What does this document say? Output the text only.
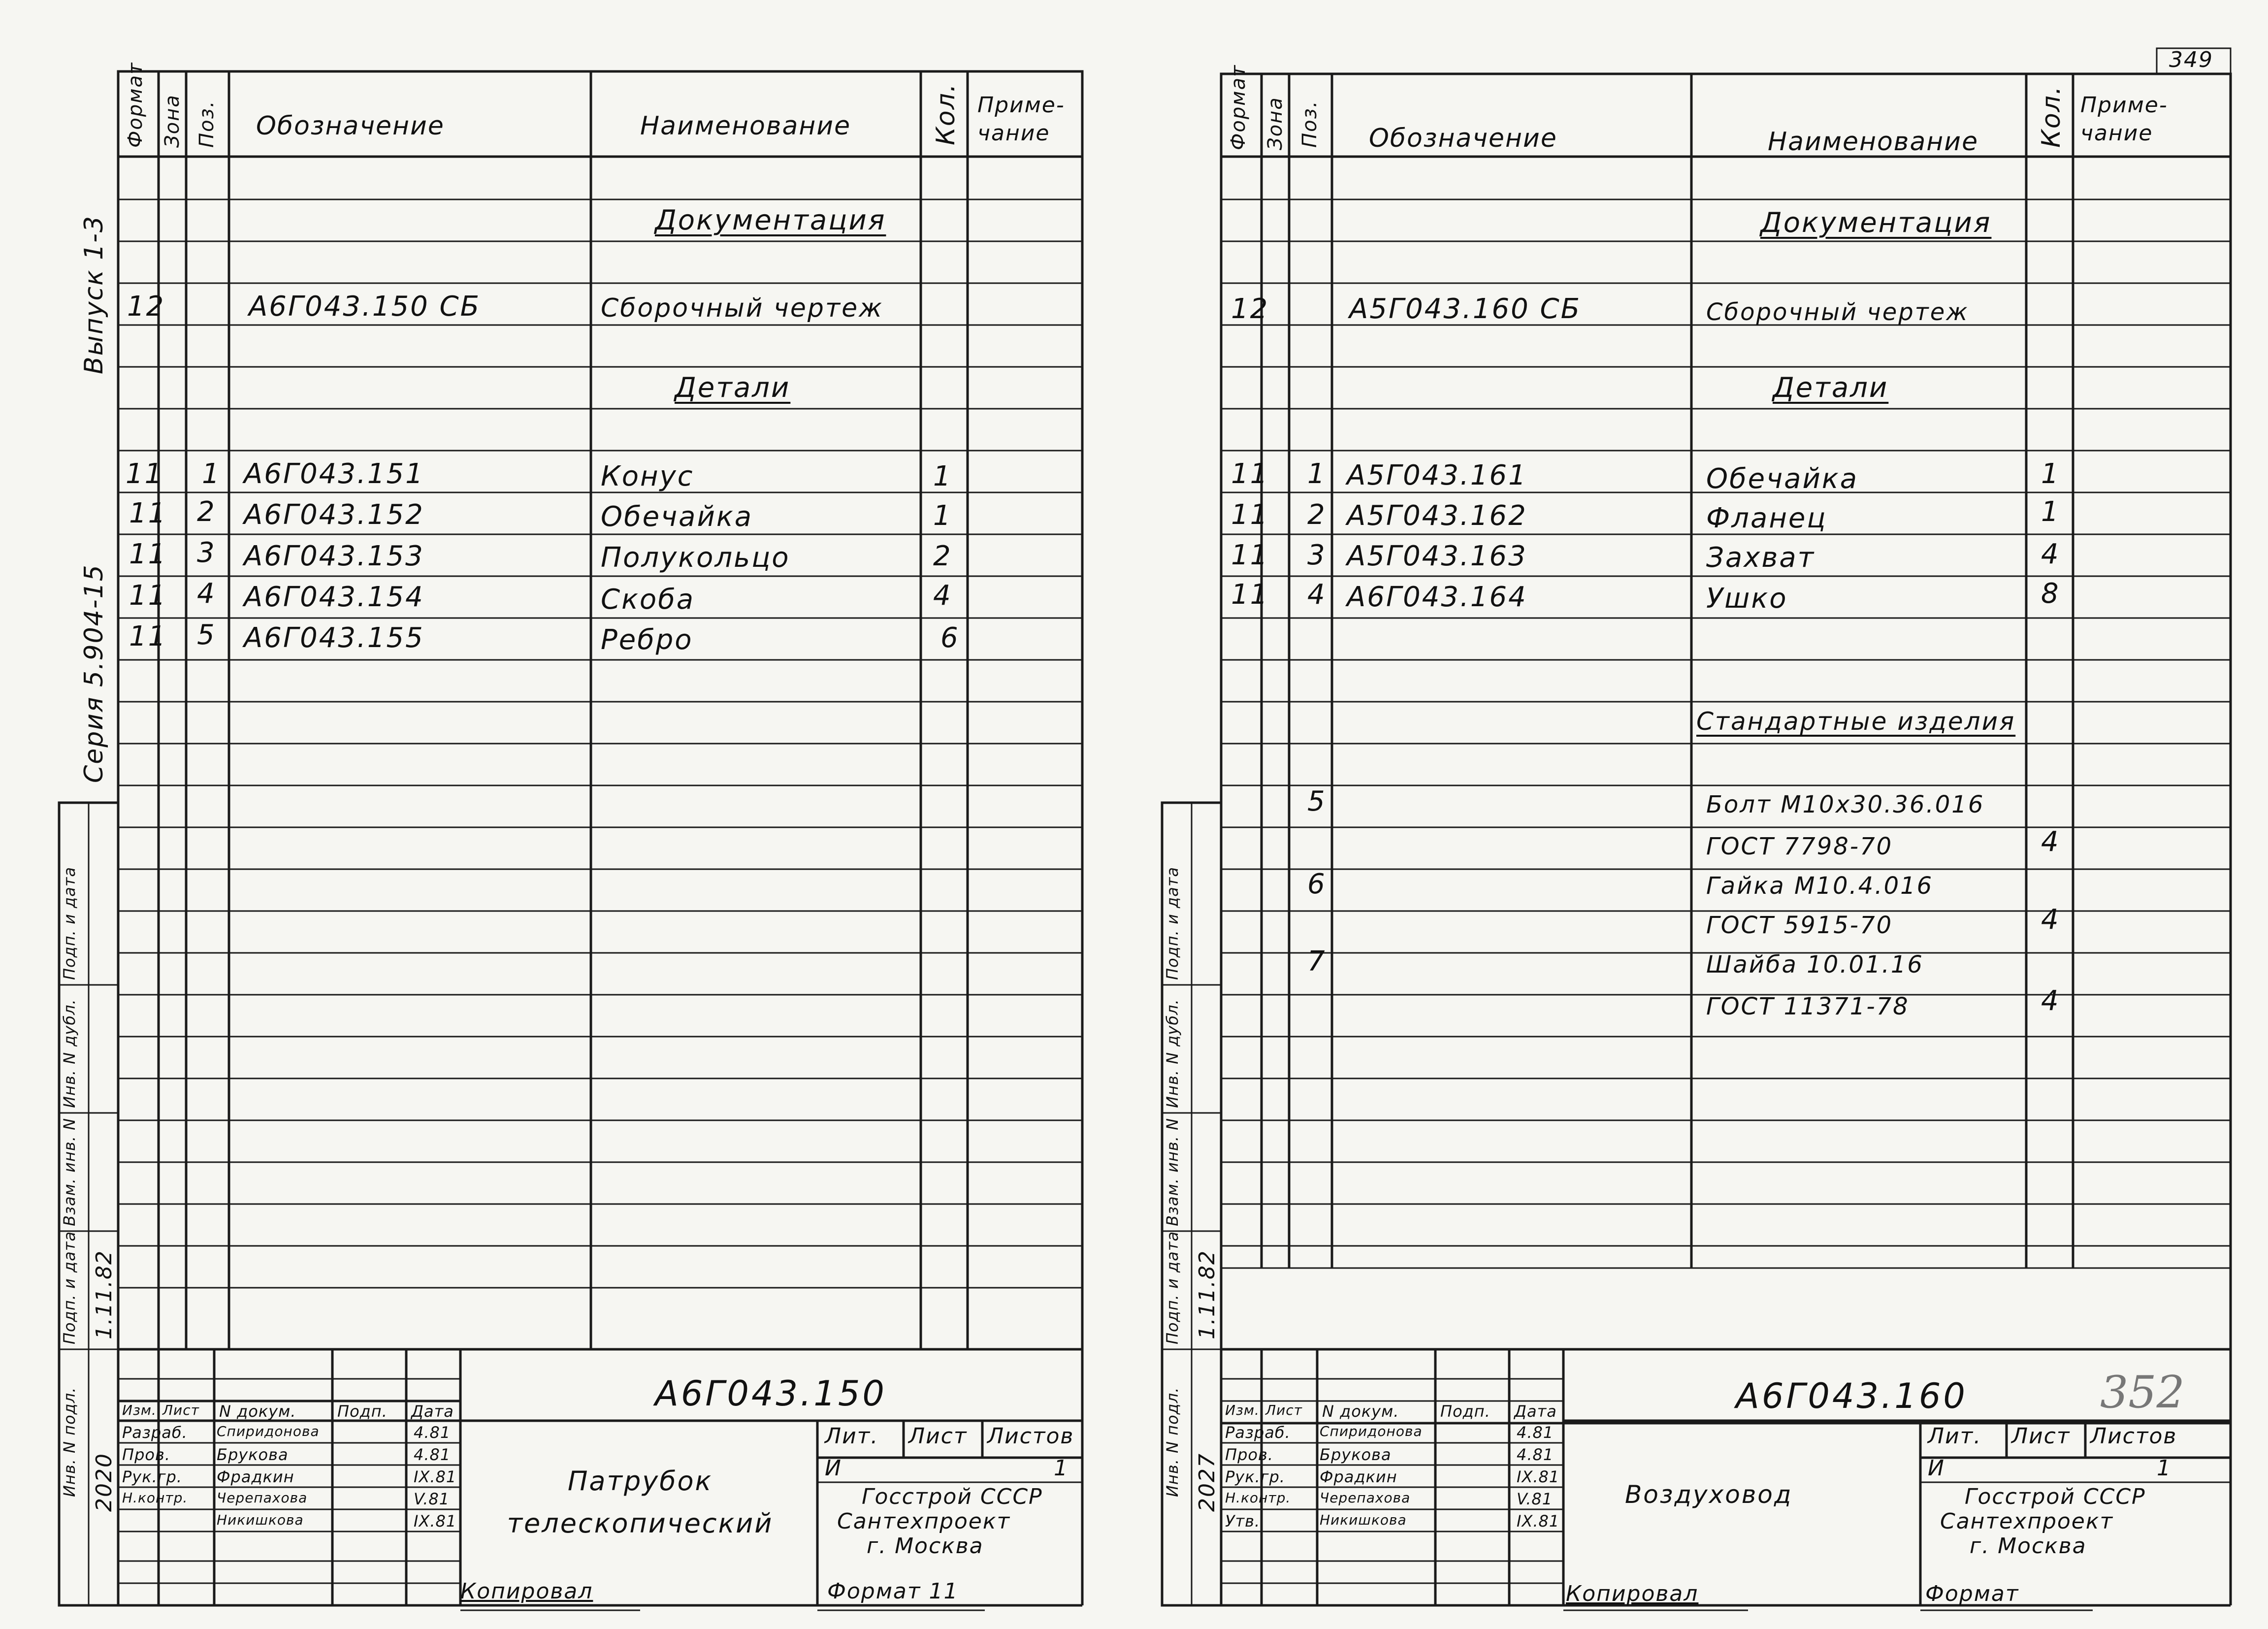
Формат Зона Поз. Обозначение	Наименование	Кол. Приме-чание
Документация
12	А6Г043.150 СБ	Сборочный чертеж
Детали
11 1 А6Г043.151	Конус	1
11 2 А6Г043.152	Обечайка	1
11 3 А6Г043.153	Полукольцо	2
11 4 А6Г043.154	Скоба	4
11 5 А6Г043.155	Ребро	6
Выпуск 1-3
Серия 5.904-15
Подп. и дата
Инв. N дубл.
Взам. инв. N
Подп. и дата 1.11.82
Инв. N подл. 2020
А6Г043.150
Изм. Лист N докум.	Подп. Дата
Разраб. Спиридонова	4.81
Пров.	Брукова	4.81
Рук.гр. Фрадкин	IX.81
Н.контр. Черепахова	V.81
Никишкова	IX.81
Патрубок телескопический
Лит. Лист Листов
И	1
Госстрой СССР
Сантехпроект
г. Москва
Копировал	Формат 11
349
Формат Зона Поз. Обозначение	Наименование Кол. Приме-чание
Документация
12	А5Г043.160 СБ	Сборочный чертеж
Детали
11 1 А5Г043.161	Обечайка	1
11 2 А5Г043.162	Фланец	1
11 3 А5Г043.163	Захват	4
11 4 А6Г043.164	Ушко	8
Стандартные изделия
5	Болт М10х30.36.016
ГОСТ 7798-70	4
6	Гайка М10.4.016
ГОСТ 5915-70	4
7	Шайба 10.01.16
ГОСТ 11371-78	4
Подп. и дата
Инв. N дубл.
Взам. инв. N
Подп. и дата 1.11.82
Инв. N подл. 2027
А6Г043.160	352
Изм. Лист N докум.	Подп. Дата
Разраб. Спиридонова	4.81
Пров.	Брукова	4.81
Рук.гр. Фрадкин	IX.81
Н.контр. Черепахова	V.81
Утв.	Никишкова	IX.81
Воздуховод
Лит. Лист Листов
И	1
Госстрой СССР
Сантехпроект
г. Москва
Копировал	Формат
